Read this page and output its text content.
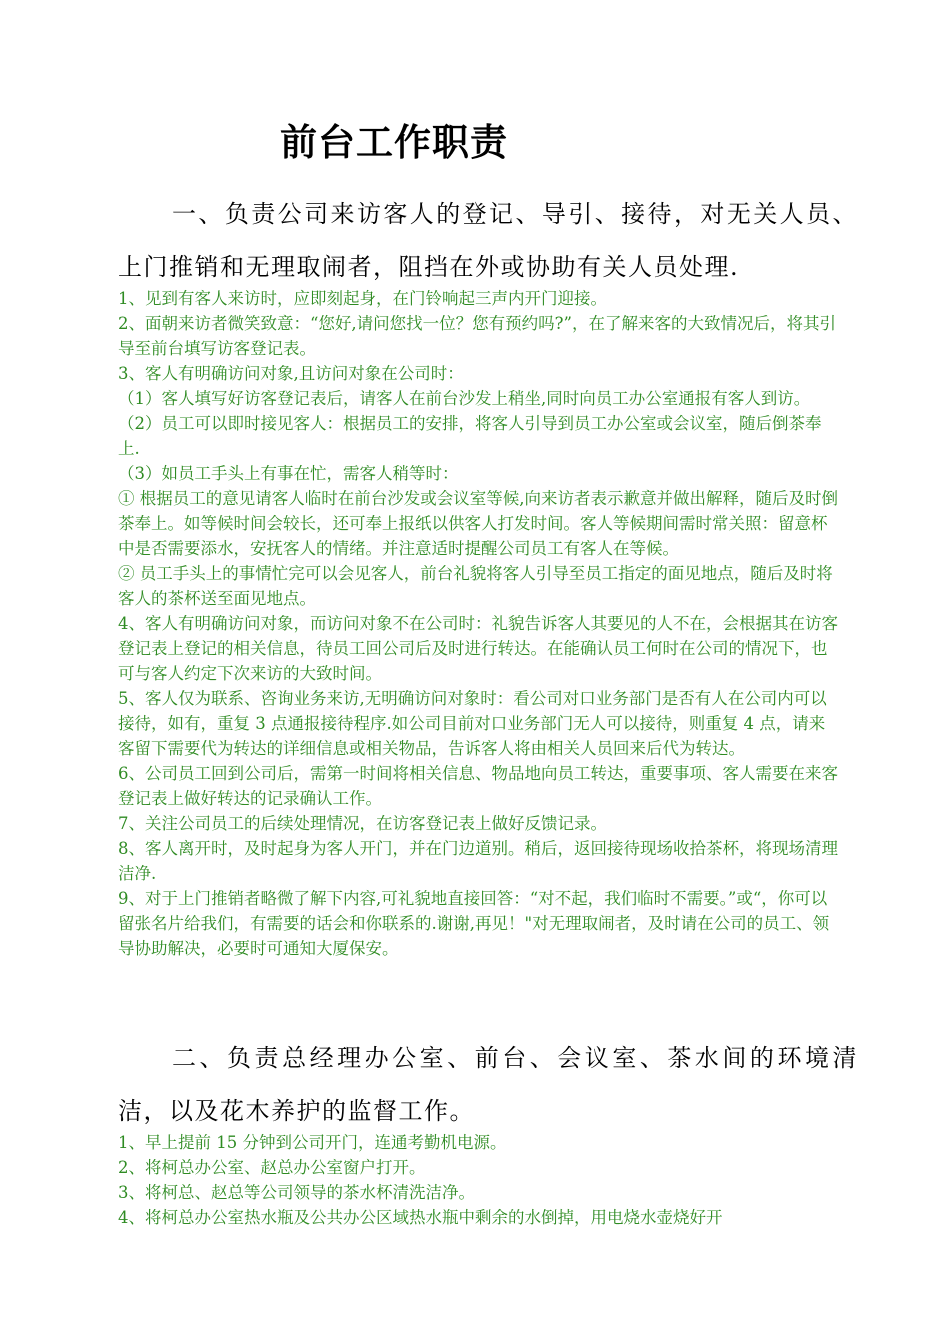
前台工作职责
一、负责公司来访客人的登记、导引、接待，对无关人员、上门推销和无理取闹者，阻挡在外或协助有关人员处理.

1、见到有客人来访时，应即刻起身，在门铃响起三声内开门迎接。

2、面朝来访者微笑致意：“您好,请问您找一位？您有预约吗?”，在了解来客的大致情况后，将其引导至前台填写访客登记表。

3、客人有明确访问对象,且访问对象在公司时：

（1）客人填写好访客登记表后，请客人在前台沙发上稍坐,同时向员工办公室通报有客人到访。

（2）员工可以即时接见客人：根据员工的安排，将客人引导到员工办公室或会议室，随后倒茶奉上.

（3）如员工手头上有事在忙，需客人稍等时：

① 根据员工的意见请客人临时在前台沙发或会议室等候,向来访者表示歉意并做出解释，随后及时倒茶奉上。如等候时间会较长，还可奉上报纸以供客人打发时间。客人等候期间需时常关照：留意杯中是否需要添水，安抚客人的情绪。并注意适时提醒公司员工有客人在等候。

② 员工手头上的事情忙完可以会见客人，前台礼貌将客人引导至员工指定的面见地点，随后及时将客人的茶杯送至面见地点。

4、客人有明确访问对象，而访问对象不在公司时：礼貌告诉客人其要见的人不在，会根据其在访客登记表上登记的相关信息，待员工回公司后及时进行转达。在能确认员工何时在公司的情况下，也可与客人约定下次来访的大致时间。

5、客人仅为联系、咨询业务来访,无明确访问对象时：看公司对口业务部门是否有人在公司内可以接待，如有，重复 3 点通报接待程序.如公司目前对口业务部门无人可以接待，则重复 4 点，请来客留下需要代为转达的详细信息或相关物品，告诉客人将由相关人员回来后代为转达。

6、公司员工回到公司后，需第一时间将相关信息、物品地向员工转达，重要事项、客人需要在来客登记表上做好转达的记录确认工作。

7、关注公司员工的后续处理情况，在访客登记表上做好反馈记录。

8、客人离开时，及时起身为客人开门，并在门边道别。稍后，返回接待现场收拾茶杯，将现场清理洁净.

9、对于上门推销者略微了解下内容,可礼貌地直接回答：“对不起，我们临时不需要。”或“，你可以留张名片给我们，有需要的话会和你联系的.谢谢,再见！"对无理取闹者，及时请在公司的员工、领导协助解决，必要时可通知大厦保安。

二、负责总经理办公室、前台、会议室、茶水间的环境清洁，以及花木养护的监督工作。

1、早上提前 15 分钟到公司开门，连通考勤机电源。

2、将柯总办公室、赵总办公室窗户打开。

3、将柯总、赵总等公司领导的茶水杯清洗洁净。

4、将柯总办公室热水瓶及公共办公区域热水瓶中剩余的水倒掉，用电烧水壶烧好开
